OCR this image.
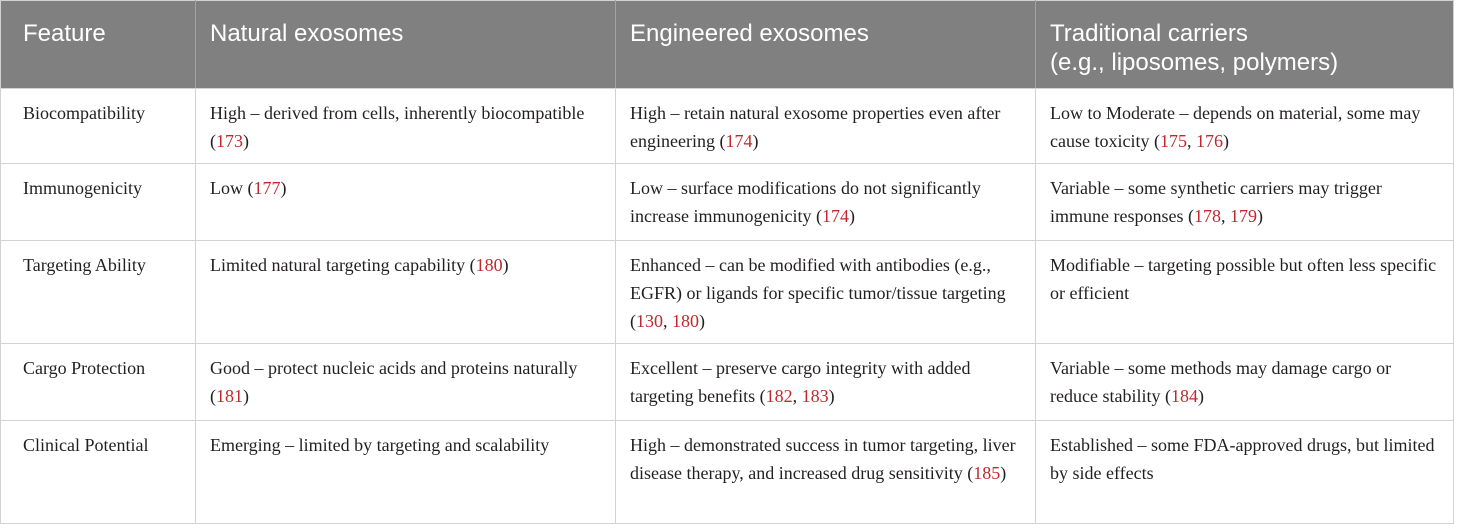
Feature	Natural exosomes	Engineered exosomes	Traditional carriers
(e.g., liposomes, polymers)

Biocompatibility	High – derived from cells, inherently biocompatible (173)	High – retain natural exosome properties even after engineering (174)	Low to Moderate – depends on material, some may cause toxicity (175, 176)
Immunogenicity	Low (177)	Low – surface modifications do not significantly increase immunogenicity (174)	Variable – some synthetic carriers may trigger immune responses (178, 179)
Targeting Ability	Limited natural targeting capability (180)	Enhanced – can be modified with antibodies (e.g., EGFR) or ligands for specific tumor/tissue targeting (130, 180)	Modifiable – targeting possible but often less specific or efficient
Cargo Protection	Good – protect nucleic acids and proteins naturally (181)	Excellent – preserve cargo integrity with added targeting benefits (182, 183)	Variable – some methods may damage cargo or reduce stability (184)
Clinical Potential	Emerging – limited by targeting and scalability	High – demonstrated success in tumor targeting, liver disease therapy, and increased drug sensitivity (185)	Established – some FDA-approved drugs, but limited by side effects
